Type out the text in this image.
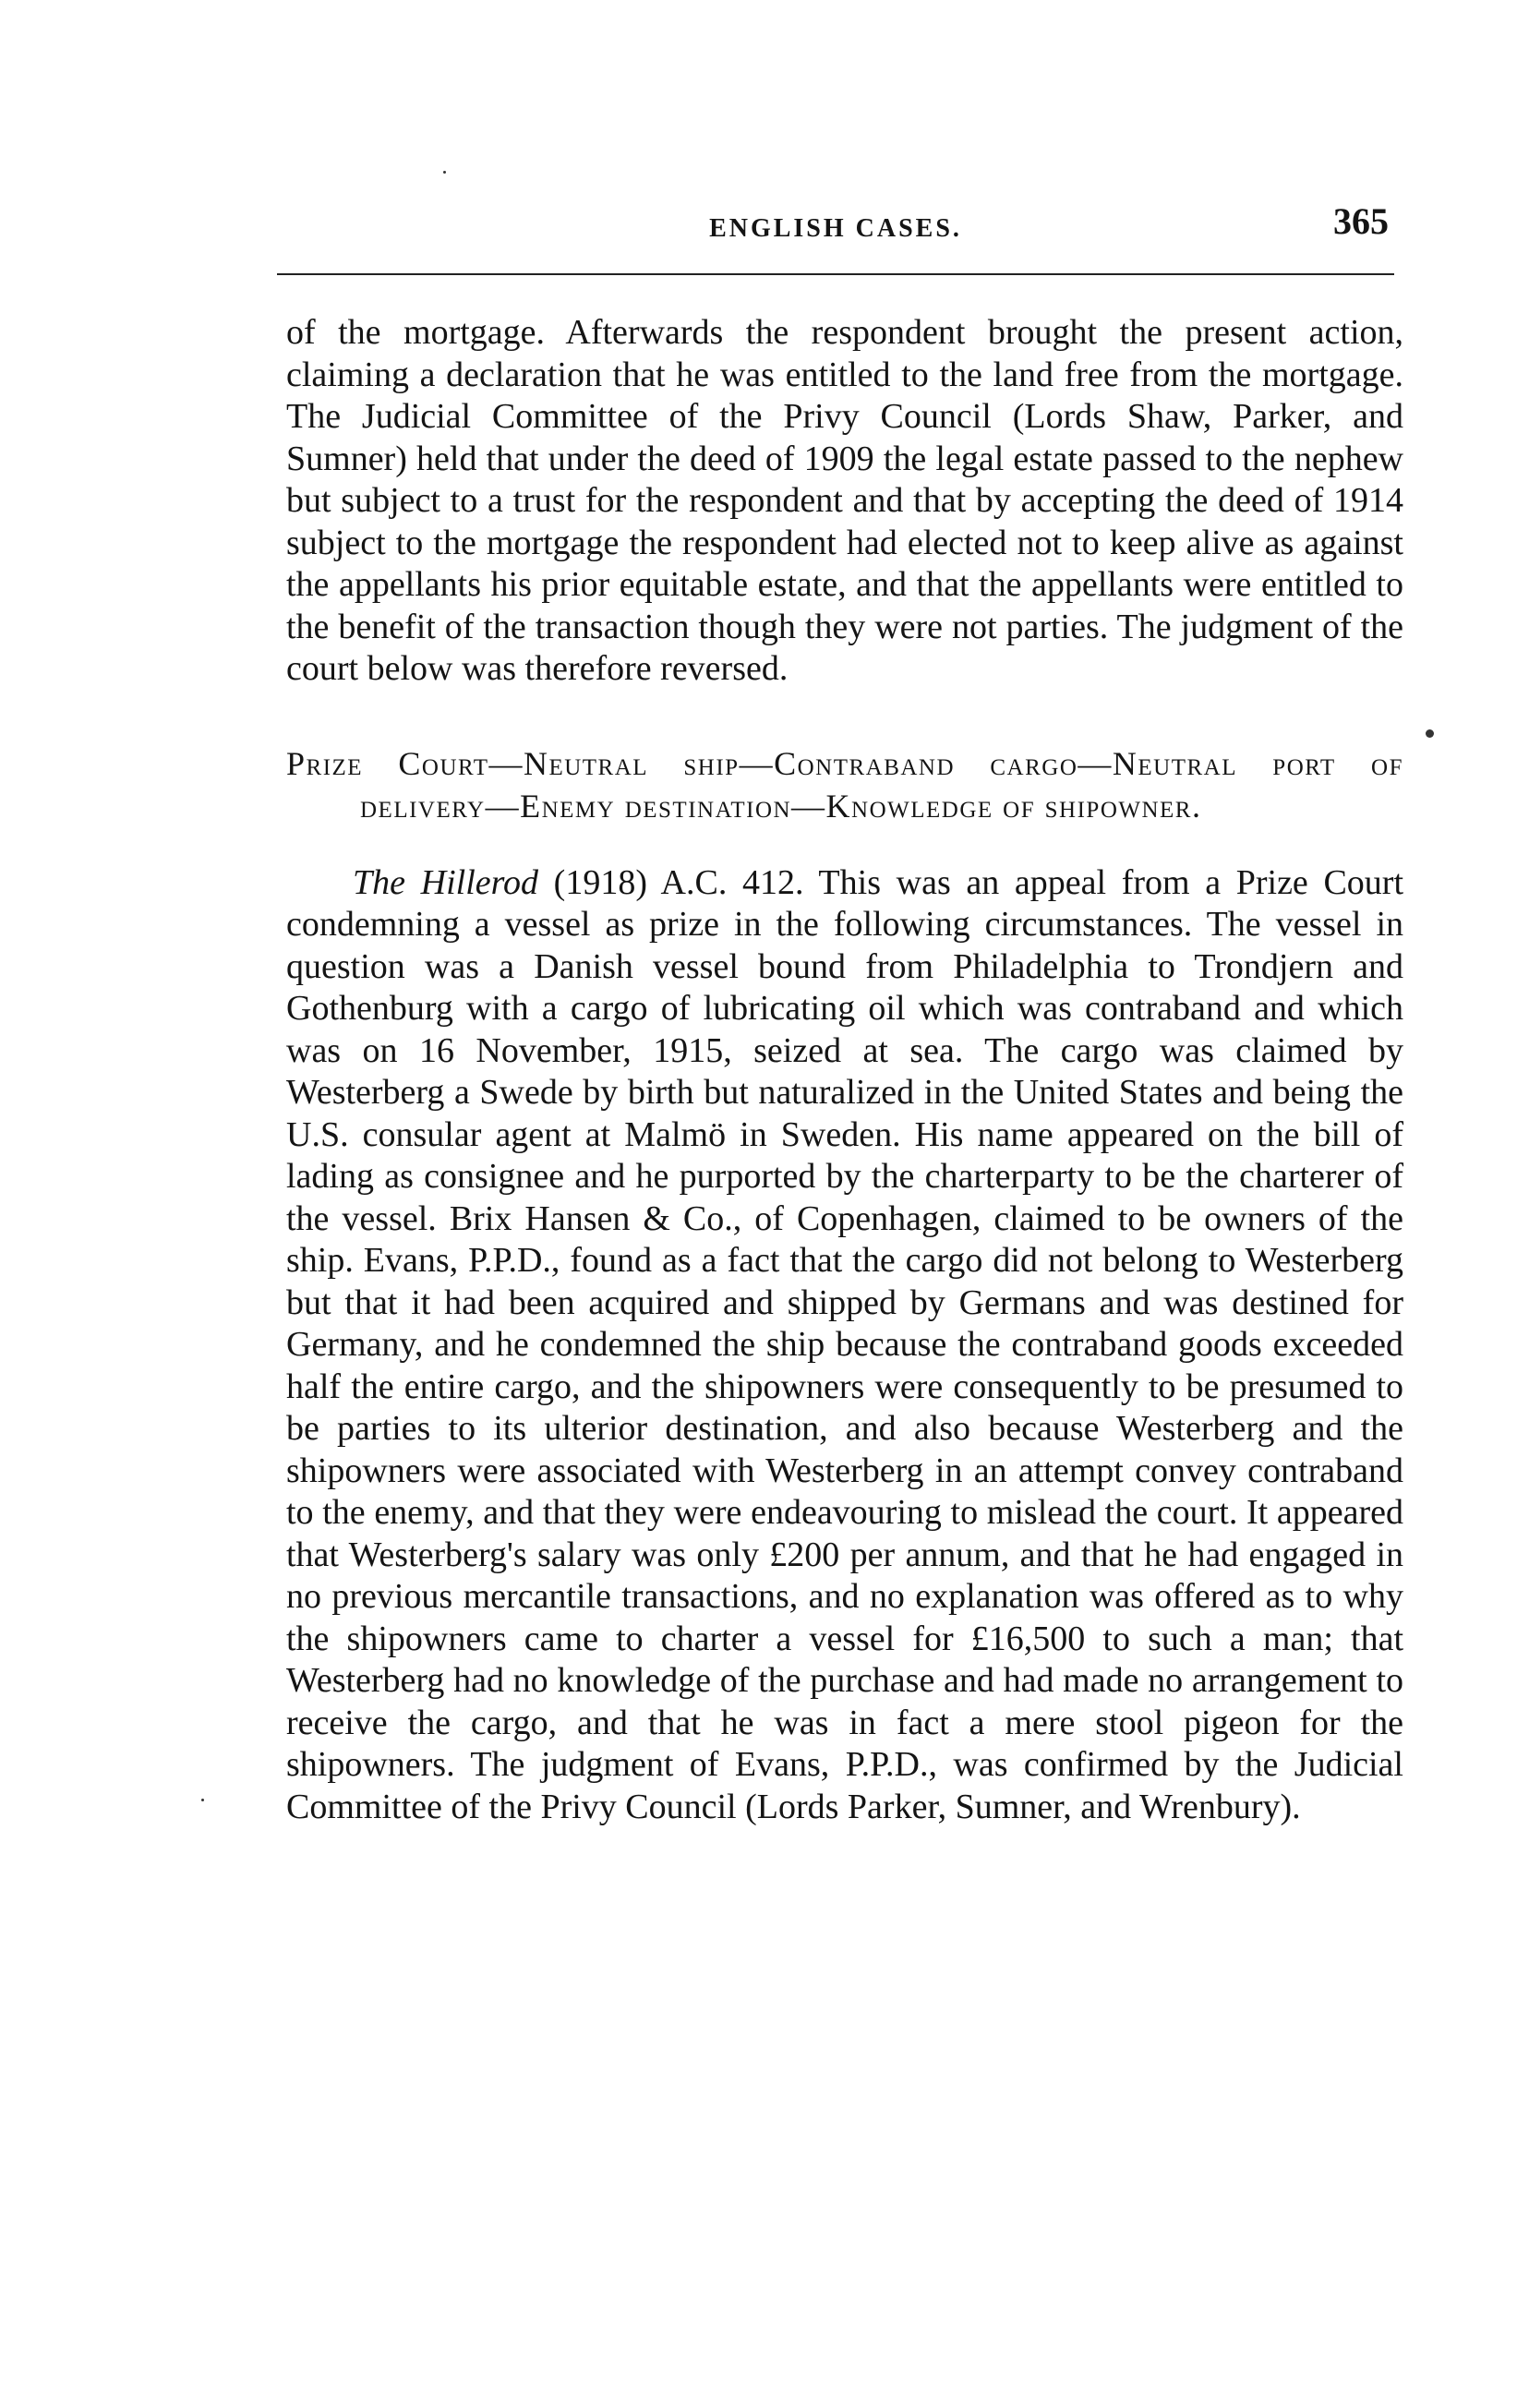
ENGLISH CASES.	365

of the mortgage. Afterwards the respondent brought the present action, claiming a declaration that he was entitled to the land free from the mortgage. The Judicial Committee of the Privy Council (Lords Shaw, Parker, and Sumner) held that under the deed of 1909 the legal estate passed to the nephew but subject to a trust for the respondent and that by accepting the deed of 1914 subject to the mortgage the respondent had elected not to keep alive as against the appellants his prior equitable estate, and that the appellants were entitled to the benefit of the transaction though they were not parties. The judgment of the court below was therefore reversed.

Prize Court—Neutral ship—Contraband cargo—Neutral port of delivery—Enemy destination—Knowledge of shipowner.

The Hillerod (1918) A.C. 412. This was an appeal from a Prize Court condemning a vessel as prize in the following circumstances. The vessel in question was a Danish vessel bound from Philadelphia to Trondjern and Gothenburg with a cargo of lubricating oil which was contraband and which was on 16 November, 1915, seized at sea. The cargo was claimed by Westerberg a Swede by birth but naturalized in the United States and being the U.S. consular agent at Malmö in Sweden. His name appeared on the bill of lading as consignee and he purported by the charterparty to be the charterer of the vessel. Brix Hansen & Co., of Copenhagen, claimed to be owners of the ship. Evans, P.P.D., found as a fact that the cargo did not belong to Westerberg but that it had been acquired and shipped by Germans and was destined for Germany, and he condemned the ship because the contraband goods exceeded half the entire cargo, and the shipowners were consequently to be presumed to be parties to its ulterior destination, and also because Westerberg and the shipowners were associated with Westerberg in an attempt convey contraband to the enemy, and that they were endeavouring to mislead the court. It appeared that Westerberg's salary was only £200 per annum, and that he had engaged in no previous mercantile transactions, and no explanation was offered as to why the shipowners came to charter a vessel for £16,500 to such a man; that Westerberg had no knowledge of the purchase and had made no arrangement to receive the cargo, and that he was in fact a mere stool pigeon for the shipowners. The judgment of Evans, P.P.D., was confirmed by the Judicial Committee of the Privy Council (Lords Parker, Sumner, and Wrenbury).
